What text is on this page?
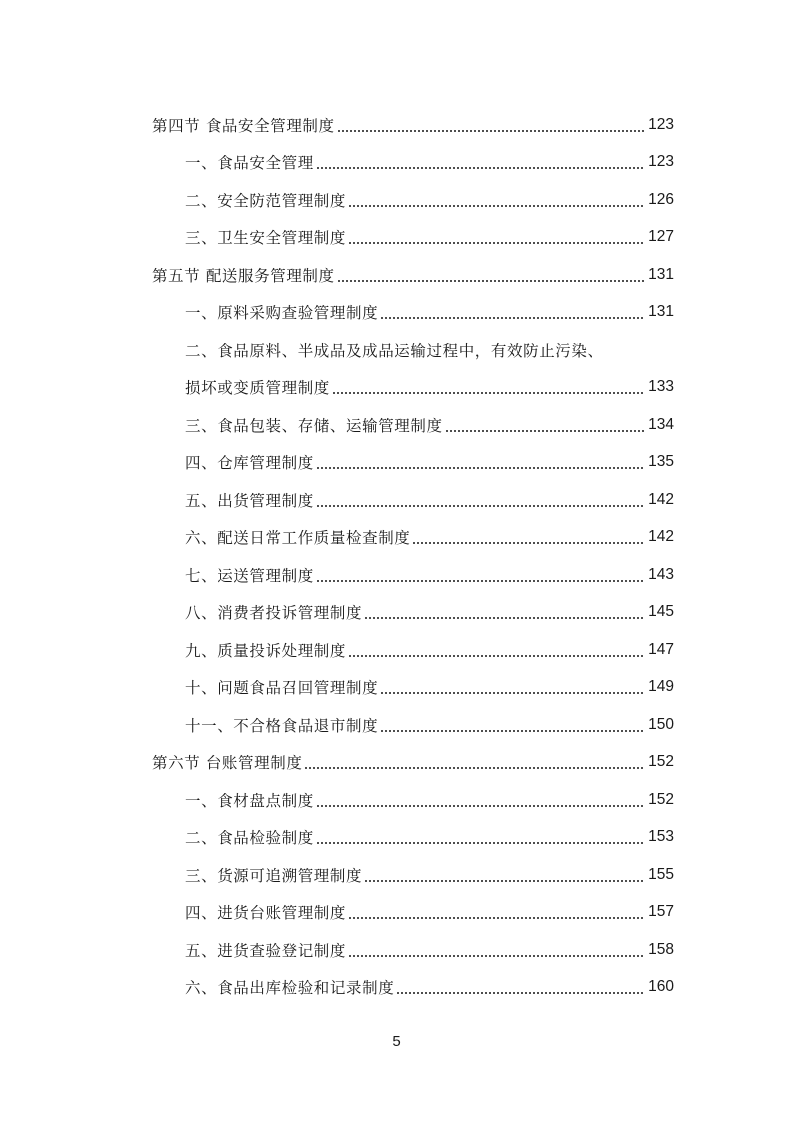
第四节 食品安全管理制度	123
一、食品安全管理	123
二、安全防范管理制度	126
三、卫生安全管理制度	127
第五节 配送服务管理制度	131
一、原料采购查验管理制度	131
二、食品原料、半成品及成品运输过程中，有效防止污染、
损坏或变质管理制度	133
三、食品包装、存储、运输管理制度	134
四、仓库管理制度	135
五、出货管理制度	142
六、配送日常工作质量检查制度	142
七、运送管理制度	143
八、消费者投诉管理制度	145
九、质量投诉处理制度	147
十、问题食品召回管理制度	149
十一、不合格食品退市制度	150
第六节 台账管理制度	152
一、食材盘点制度	152
二、食品检验制度	153
三、货源可追溯管理制度	155
四、进货台账管理制度	157
五、进货查验登记制度	158
六、食品出库检验和记录制度	160
5
